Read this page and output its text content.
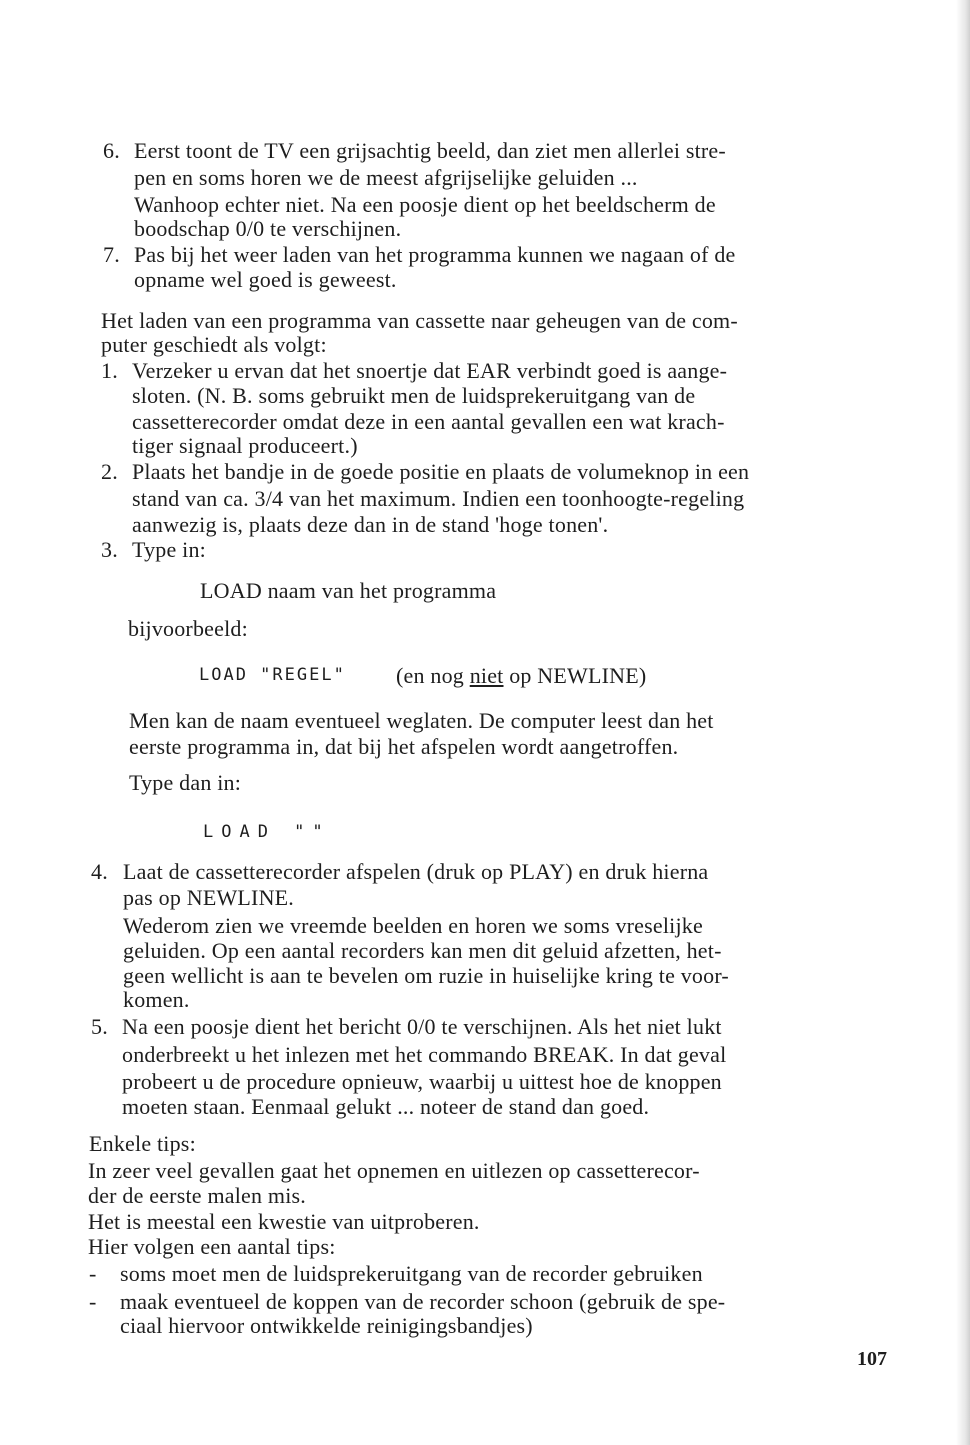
6. Eerst toont de TV een grijsachtig beeld, dan ziet men allerlei stre-
pen en soms horen we de meest afgrijselijke geluiden ...
Wanhoop echter niet. Na een poosje dient op het beeldscherm de
boodschap 0/0 te verschijnen.
7. Pas bij het weer laden van het programma kunnen we nagaan of de
opname wel goed is geweest.
Het laden van een programma van cassette naar geheugen van de com-
puter geschiedt als volgt:
1. Verzeker u ervan dat het snoertje dat EAR verbindt goed is aange-
sloten. (N. B. soms gebruikt men de luidsprekeruitgang van de
cassetterecorder omdat deze in een aantal gevallen een wat krach-
tiger signaal produceert.)
2. Plaats het bandje in de goede positie en plaats de volumeknop in een
stand van ca. 3/4 van het maximum. Indien een toonhoogte-regeling
aanwezig is, plaats deze dan in de stand 'hoge tonen'.
3. Type in:
LOAD naam van het programma
bijvoorbeeld:
LOAD "REGEL" (en nog niet op NEWLINE)
Men kan de naam eventueel weglaten. De computer leest dan het
eerste programma in, dat bij het afspelen wordt aangetroffen.
Type dan in:
LOAD ""
4. Laat de cassetterecorder afspelen (druk op PLAY) en druk hierna
pas op NEWLINE.
Wederom zien we vreemde beelden en horen we soms vreselijke
geluiden. Op een aantal recorders kan men dit geluid afzetten, het-
geen wellicht is aan te bevelen om ruzie in huiselijke kring te voor-
komen.
5. Na een poosje dient het bericht 0/0 te verschijnen. Als het niet lukt
onderbreekt u het inlezen met het commando BREAK. In dat geval
probeert u de procedure opnieuw, waarbij u uittest hoe de knoppen
moeten staan. Eenmaal gelukt ... noteer de stand dan goed.
Enkele tips:
In zeer veel gevallen gaat het opnemen en uitlezen op cassetterecor-
der de eerste malen mis.
Het is meestal een kwestie van uitproberen.
Hier volgen een aantal tips:
- soms moet men de luidsprekeruitgang van de recorder gebruiken
- maak eventueel de koppen van de recorder schoon (gebruik de spe-
ciaal hiervoor ontwikkelde reinigingsbandjes)
107
